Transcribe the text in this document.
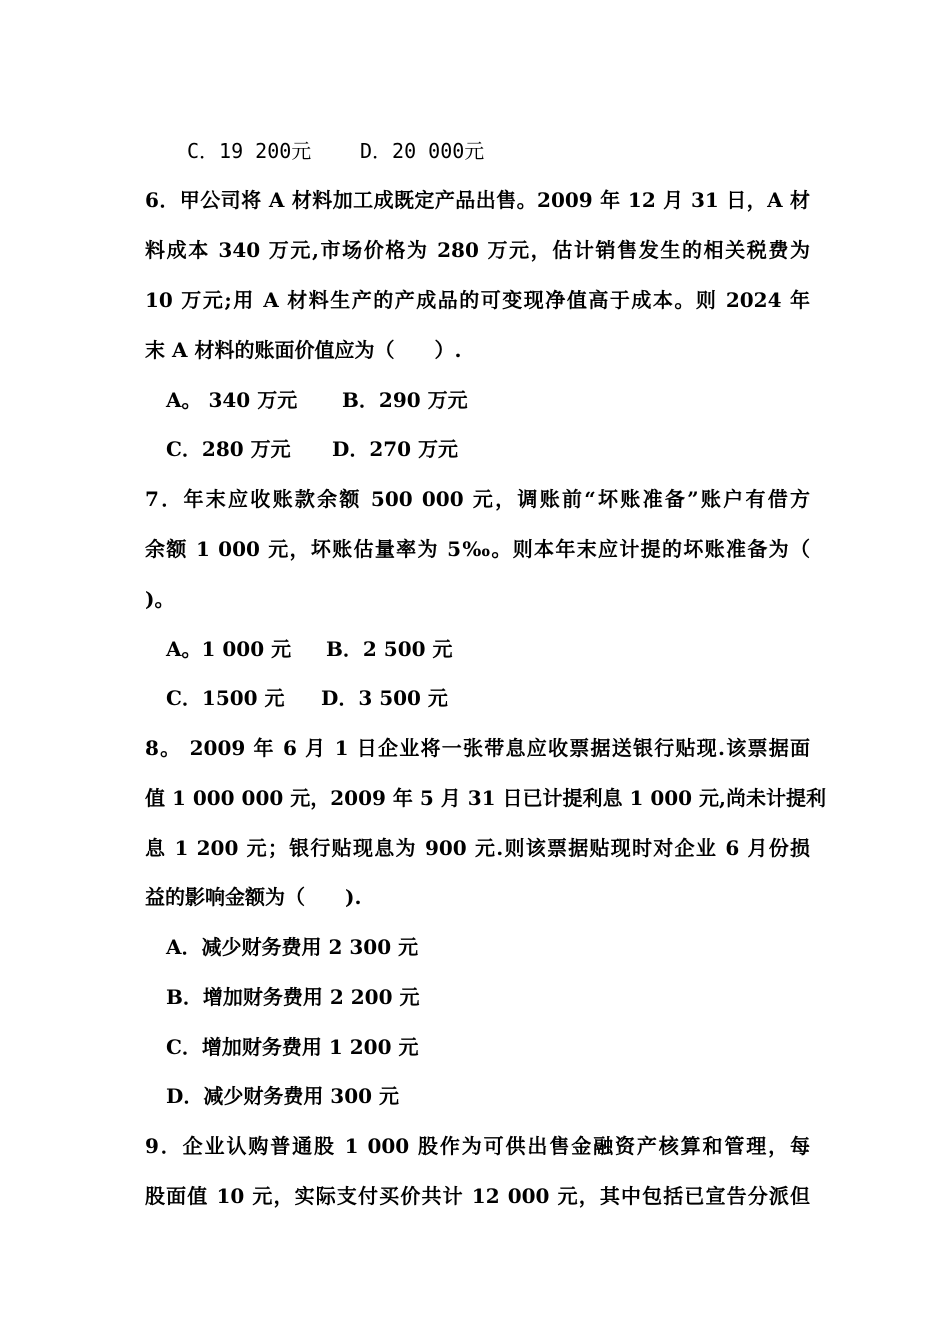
C．19 200元 D．20 000元
6．甲公司将 A 材料加工成既定产品出售。2009 年 12 月 31 日，A 材
料成本 340 万元,市场价格为 280 万元，估计销售发生的相关税费为
10 万元;用 A 材料生产的产成品的可变现净值高于成本。则 2024 年
末 A 材料的账面价值应为（　　）.
A。 340 万元 B．290 万元
C．280 万元 D．270 万元
7．年末应收账款余额 500 000 元，调账前“坏账准备”账户有借方
余额 1 000 元，坏账估量率为 5‰。则本年末应计提的坏账准备为（
)。
A。1 000 元 B．2 500 元
C．1500 元 D．3 500 元
8。 2009 年 6 月 1 日企业将一张带息应收票据送银行贴现.该票据面
值 1 000 000 元，2009 年 5 月 31 日已计提利息 1 000 元,尚未计提利
息 1 200 元；银行贴现息为 900 元.则该票据贴现时对企业 6 月份损
益的影响金额为（　　).
A．减少财务费用 2 300 元
B．增加财务费用 2 200 元
C．增加财务费用 1 200 元
D．减少财务费用 300 元
9．企业认购普通股 1 000 股作为可供出售金融资产核算和管理，每
股面值 10 元，实际支付买价共计 12 000 元，其中包括已宣告分派但
